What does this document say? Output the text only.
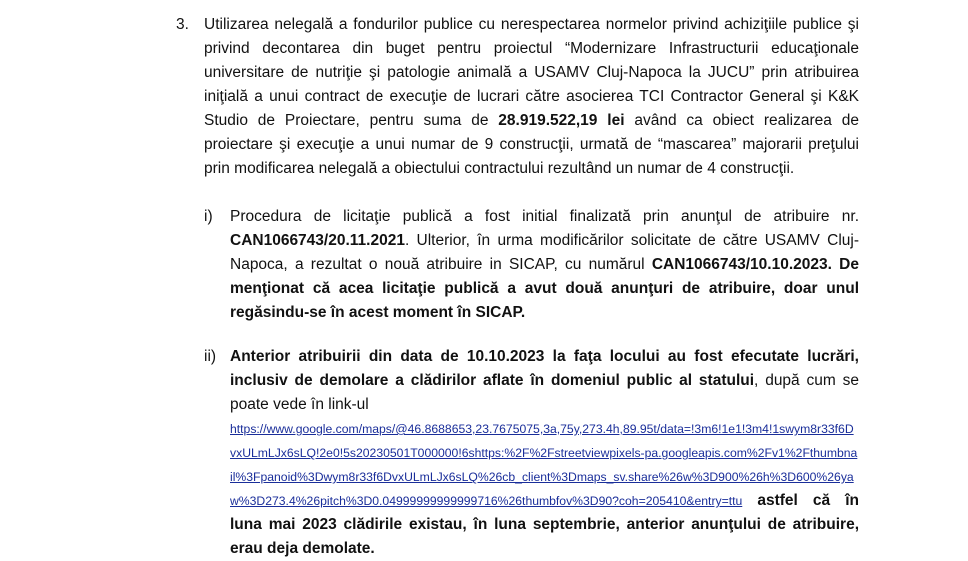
3. Utilizarea nelegală a fondurilor publice cu nerespectarea normelor privind achiziţiile publice şi privind decontarea din buget pentru proiectul “Modernizare Infrastructurii educaţionale universitare de nutriţie şi patologie animală a USAMV Cluj-Napoca la JUCU” prin atribuirea iniţială a unui contract de execuţie de lucrari către asocierea TCI Contractor General şi K&K Studio de Proiectare, pentru suma de 28.919.522,19 lei având ca obiect realizarea de proiectare şi execuţie a unui numar de 9 construcţii, urmată de “mascarea” majorarii preţului prin modificarea nelegală a obiectului contractului rezultând un numar de 4 construcţii.
i) Procedura de licitaţie publică a fost initial finalizată prin anunţul de atribuire nr. CAN1066743/20.11.2021. Ulterior, în urma modificărilor solicitate de către USAMV Cluj-Napoca, a rezultat o nouă atribuire in SICAP, cu numărul CAN1066743/10.10.2023. De menţionat că acea licitaţie publică a avut două anunţuri de atribuire, doar unul regăsindu-se în acest moment în SICAP.
ii) Anterior atribuirii din data de 10.10.2023 la faţa locului au fost efecutate lucrări, inclusiv de demolare a clădirilor aflate în domeniul public al statului, după cum se poate vede în link-ul
https://www.google.com/maps/@46.8688653,23.7675075,3a,75y,273.4h,89.95t/data=!3m6!1e1!3m4!1swym8r33f6DvxULmLJx6sLQ!2e0!5s20230501T000000!6shttps:%2F%2Fstreetviewpixels-pa.googleapis.com%2Fv1%2Fthumbnail%3Fpanoid%3Dwym8r33f6DvxULmLJx6sLQ%26cb_client%3Dmaps_sv.share%26w%3D900%26h%3D600%26yaw%3D273.4%26pitch%3D0.04999999999999716%26thumbfov%3D90?coh=205410&entry=ttu astfel că în luna mai 2023 clădirile existau, în luna septembrie, anterior anunţului de atribuire, erau deja demolate.
